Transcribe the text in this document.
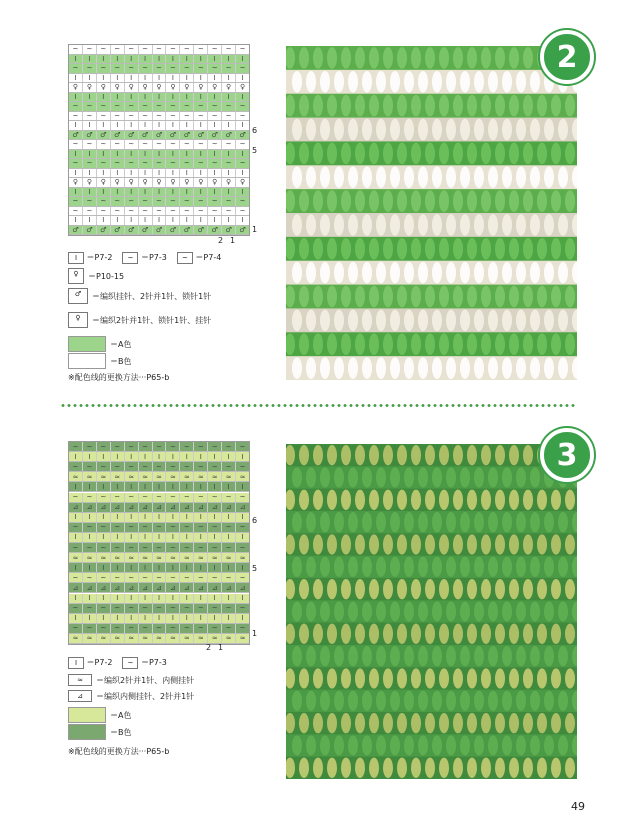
~	~	~	~	~	~	~	~	~	~	~	~	~
I	I	I	I	I	I	I	I	I	I	I	I	I
~	~	~	~	~	~	~	~	~	~	~	~	~
I	I	I	I	I	I	I	I	I	I	I	I	I
♀	♀	♀	♀	♀	♀	♀	♀	♀	♀	♀	♀	♀
I	I	I	I	I	I	I	I	I	I	I	I	I
~	~	~	~	~	~	~	~	~	~	~	~	~
~	~	~	~	~	~	~	~	~	~	~	~	~
I	I	I	I	I	I	I	I	I	I	I	I	I
♂	♂	♂	♂	♂	♂	♂	♂	♂	♂	♂	♂	♂
~	~	~	~	~	~	~	~	~	~	~	~	~
I	I	I	I	I	I	I	I	I	I	I	I	I
~	~	~	~	~	~	~	~	~	~	~	~	~
I	I	I	I	I	I	I	I	I	I	I	I	I
♀	♀	♀	♀	♀	♀	♀	♀	♀	♀	♀	♀	♀
I	I	I	I	I	I	I	I	I	I	I	I	I
~	~	~	~	~	~	~	~	~	~	~	~	~
~	~	~	~	~	~	~	~	~	~	~	~	~
I	I	I	I	I	I	I	I	I	I	I	I	I
♂	♂	♂	♂	♂	♂	♂	♂	♂	♂	♂	♂	♂
6
5
1
2 1
I ＝P7-2	~ ＝P7-3	~ ＝P7-4
♀	＝P10-15
♂	＝编织挂针、2针并1针、锁针1针
♀	＝编织2针并1针、锁针1针、挂针
＝A色
＝B色
※配色线的更换方法···P65-b
2
~	~	~	~	~	~	~	~	~	~	~	~	~
I	I	I	I	I	I	I	I	I	I	I	I	I
~	~	~	~	~	~	~	~	~	~	~	~	~
≈	≈	≈	≈	≈	≈	≈	≈	≈	≈	≈	≈	≈
I	I	I	I	I	I	I	I	I	I	I	I	I
~	~	~	~	~	~	~	~	~	~	~	~	~
⊿	⊿	⊿	⊿	⊿	⊿	⊿	⊿	⊿	⊿	⊿	⊿	⊿
I	I	I	I	I	I	I	I	I	I	I	I	I
~	~	~	~	~	~	~	~	~	~	~	~	~
I	I	I	I	I	I	I	I	I	I	I	I	I
~	~	~	~	~	~	~	~	~	~	~	~	~
≈	≈	≈	≈	≈	≈	≈	≈	≈	≈	≈	≈	≈
I	I	I	I	I	I	I	I	I	I	I	I	I
~	~	~	~	~	~	~	~	~	~	~	~	~
⊿	⊿	⊿	⊿	⊿	⊿	⊿	⊿	⊿	⊿	⊿	⊿	⊿
I	I	I	I	I	I	I	I	I	I	I	I	I
~	~	~	~	~	~	~	~	~	~	~	~	~
I	I	I	I	I	I	I	I	I	I	I	I	I
~	~	~	~	~	~	~	~	~	~	~	~	~
≈	≈	≈	≈	≈	≈	≈	≈	≈	≈	≈	≈	≈
6
5
1
2 1
I ＝P7-2	~ ＝P7-3
≈	＝编织2针并1针、内侧挂针
⊿	＝编织内侧挂针、2针并1针
＝A色
＝B色
※配色线的更换方法···P65-b
3
49
